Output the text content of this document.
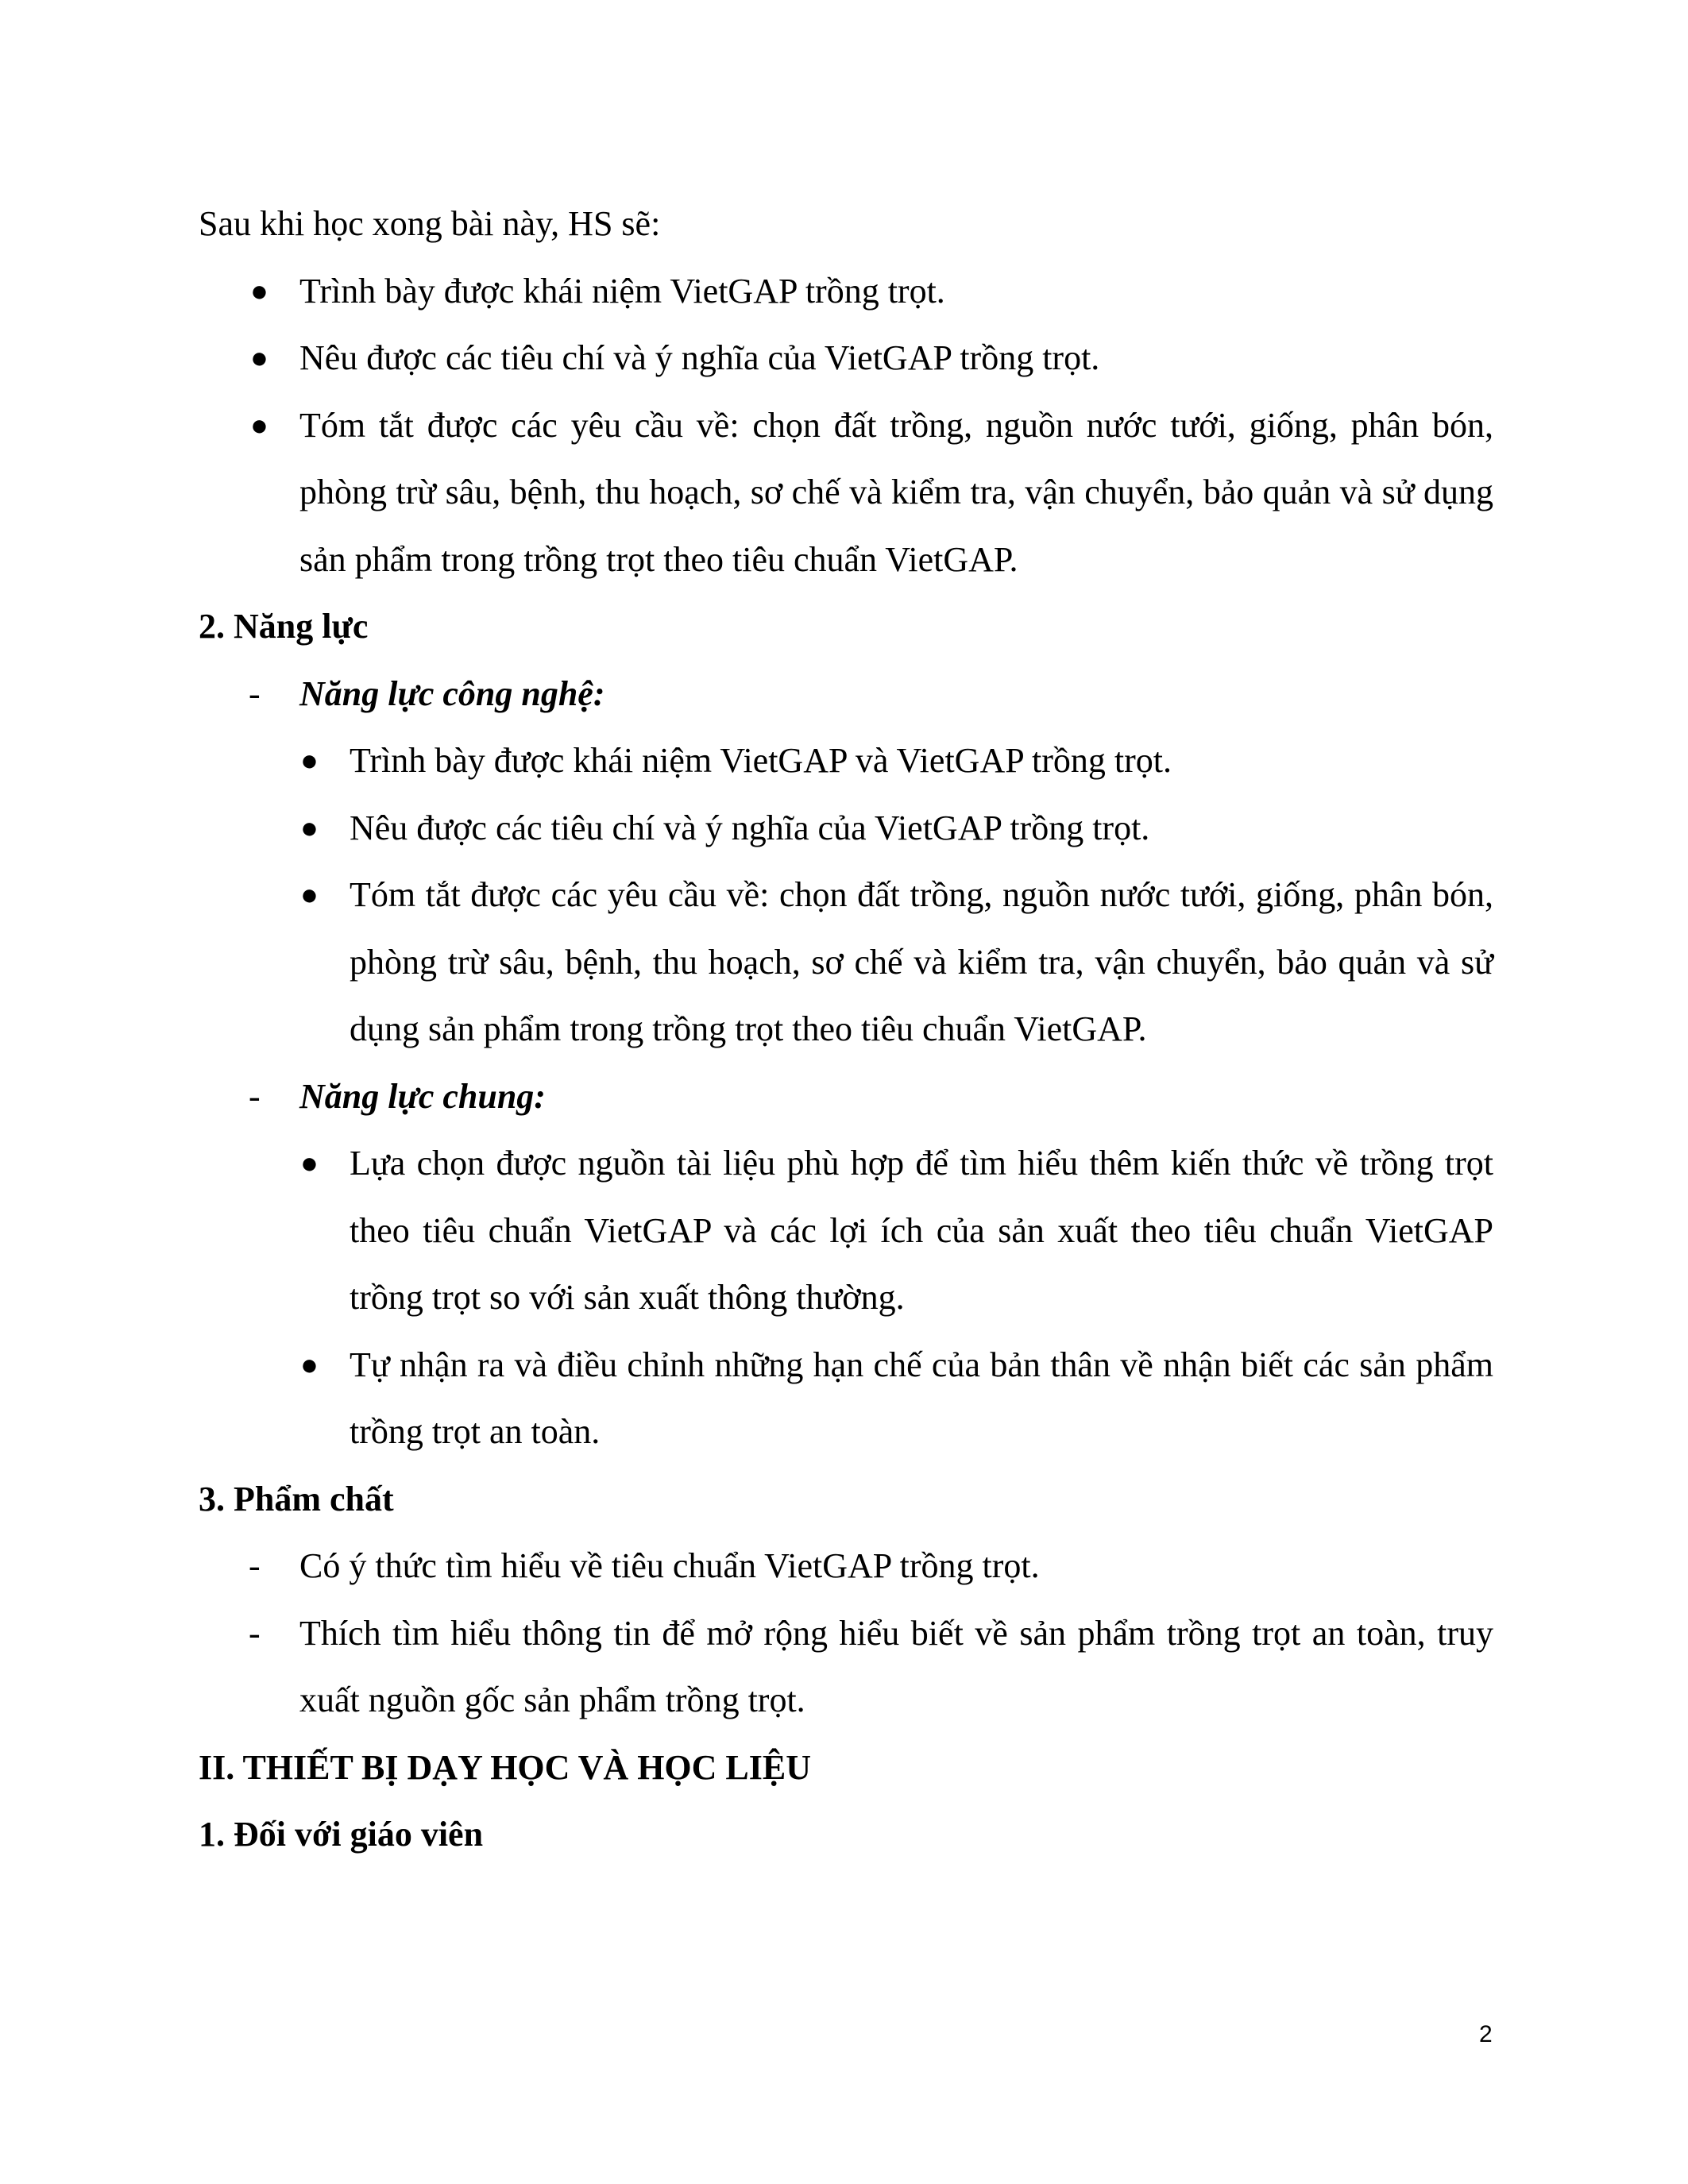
Sau khi học xong bài này, HS sẽ:

● Trình bày được khái niệm VietGAP trồng trọt.

● Nêu được các tiêu chí và ý nghĩa của VietGAP trồng trọt.

● Tóm tắt được các yêu cầu về: chọn đất trồng, nguồn nước tưới, giống, phân bón, phòng trừ sâu, bệnh, thu hoạch, sơ chế và kiểm tra, vận chuyển, bảo quản và sử dụng sản phẩm trong trồng trọt theo tiêu chuẩn VietGAP.

2. Năng lực

- Năng lực công nghệ:

● Trình bày được khái niệm VietGAP và VietGAP trồng trọt.

● Nêu được các tiêu chí và ý nghĩa của VietGAP trồng trọt.

● Tóm tắt được các yêu cầu về: chọn đất trồng, nguồn nước tưới, giống, phân bón, phòng trừ sâu, bệnh, thu hoạch, sơ chế và kiểm tra, vận chuyển, bảo quản và sử dụng sản phẩm trong trồng trọt theo tiêu chuẩn VietGAP.

- Năng lực chung:

● Lựa chọn được nguồn tài liệu phù hợp để tìm hiểu thêm kiến thức về trồng trọt theo tiêu chuẩn VietGAP và các lợi ích của sản xuất theo tiêu chuẩn VietGAP trồng trọt so với sản xuất thông thường.

● Tự nhận ra và điều chỉnh những hạn chế của bản thân về nhận biết các sản phẩm trồng trọt an toàn.

3. Phẩm chất

- Có ý thức tìm hiểu về tiêu chuẩn VietGAP trồng trọt.

- Thích tìm hiểu thông tin để mở rộng hiểu biết về sản phẩm trồng trọt an toàn, truy xuất nguồn gốc sản phẩm trồng trọt.

II. THIẾT BỊ DẠY HỌC VÀ HỌC LIỆU

1. Đối với giáo viên

2
